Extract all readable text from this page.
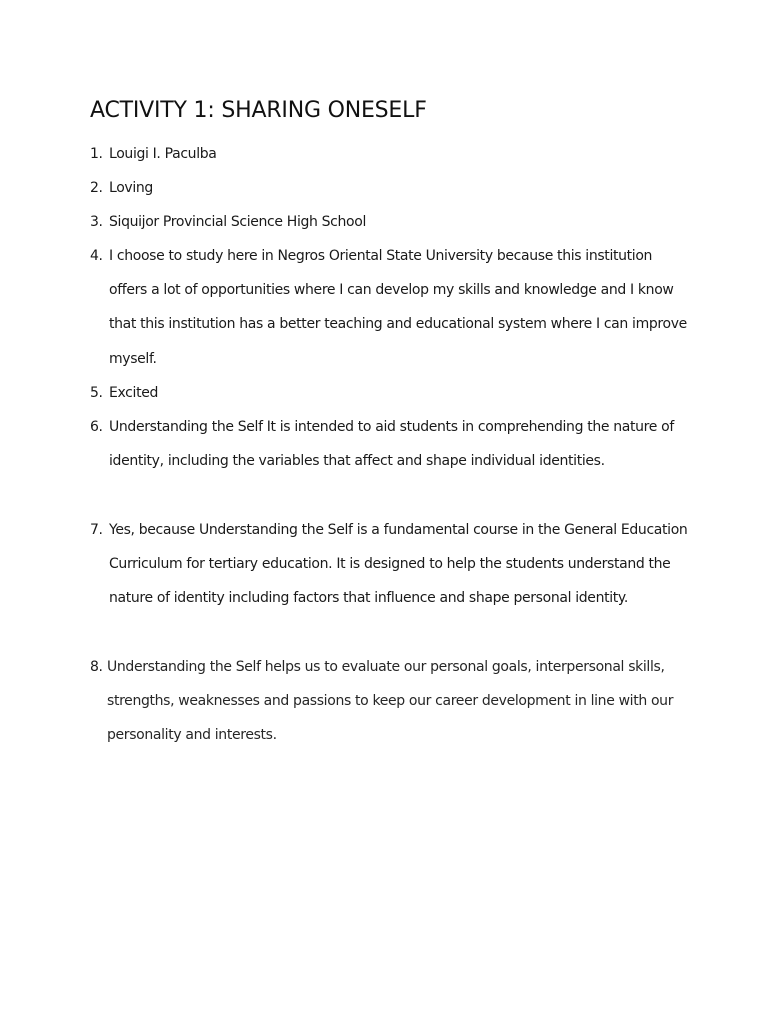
ACTIVITY 1: SHARING ONESELF
1. Louigi I. Paculba
2. Loving
3. Siquijor Provincial Science High School
4. I choose to study here in Negros Oriental State University because this institution offers a lot of opportunities where I can develop my skills and knowledge and I know that this institution has a better teaching and educational system where I can improve myself.
5. Excited
6. Understanding the Self It is intended to aid students in comprehending the nature of identity, including the variables that affect and shape individual identities.
7. Yes, because Understanding the Self is a fundamental course in the General Education Curriculum for tertiary education. It is designed to help the students understand the nature of identity including factors that influence and shape personal identity.
8. Understanding the Self helps us to evaluate our personal goals, interpersonal skills, strengths, weaknesses and passions to keep our career development in line with our personality and interests.
